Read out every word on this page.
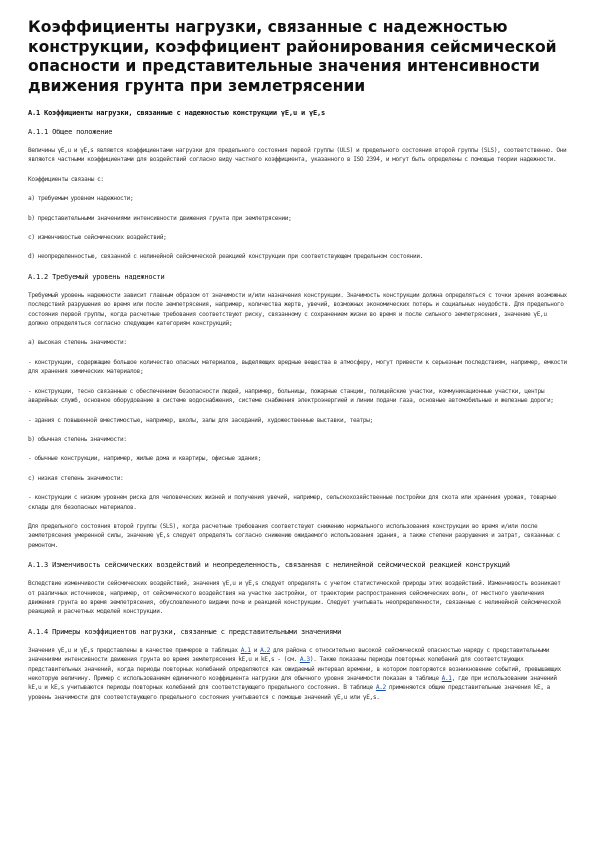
Коэффициенты нагрузки, связанные с надежностью конструкции, коэффициент районирования сейсмической опасности и представительные значения интенсивности движения грунта при землетрясении
А.1 Коэффициенты нагрузки, связанные с надежностью конструкции γE,u и γE,s
А.1.1 Общее положение

Величины γE,u и γE,s являются коэффициентами нагрузки для предельного состояния первой группы (ULS) и предельного состояния второй группы (SLS), соответственно. Они являются частными коэффициентами для воздействий согласно виду частного коэффициента, указанного в ISO 2394, и могут быть определены с помощью теории надежности.

Коэффициенты связаны с:

a) требуемым уровнем надежности;

b) представительными значениями интенсивности движения грунта при землетрясении;

c) изменчивостью сейсмических воздействий;

d) неопределенностью, связанной с нелинейной сейсмической реакцией конструкции при соответствующем предельном состоянии.

А.1.2 Требуемый уровень надежности

Требуемый уровень надежности зависит главным образом от значимости и/или назначения конструкции. Значимость конструкции должна определяться с точки зрения возможных последствий разрушения во время или после землетрясения, например, количества жертв, увечий, возможных экономических потерь и социальных неудобств. Для предельного состояния первой группы, когда расчетные требования соответствуют риску, связанному с сохранением жизни во время и после сильного землетрясения, значение γE,u должно определяться согласно следующим категориям конструкций;

a) высокая степень значимости:

- конструкции, содержащие большое количество опасных материалов, выделяющих вредные вещества в атмосферу, могут привести к серьезным последствиям, например, емкости для хранения химических материалов;

- конструкции, тесно связанные с обеспечением безопасности людей, например, больницы, пожарные станции, полицейские участки, коммуникационные участки, центры аварийных служб, основное оборудование в системе водоснабжения, системе снабжения электроэнергией и линии подачи газа, основные автомобильные и железные дороги;

- здания с повышенной вместимостью, например, школы, залы для заседаний, художественные выставки, театры;

b) обычная степень значимости:

- обычные конструкции, например, жилые дома и квартиры, офисные здания;

c) низкая степень значимости:

- конструкции с низким уровнем риска для человеческих жизней и получения увечий, например, сельскохозяйственные постройки для скота или хранения урожая, товарные склады для безопасных материалов.

Для предельного состояния второй группы (SLS), когда расчетные требования соответствуют снижению нормального использования конструкции во время и/или после землетрясения умеренной силы, значение γE,s следует определять согласно снижению ожидаемого использования здания, а также степени разрушения и затрат, связанных с ремонтом.

А.1.3 Изменчивость сейсмических воздействий и неопределенность, связанная с нелинейной сейсмической реакцией конструкций

Вследствие изменчивости сейсмических воздействий, значения γE,u и γE,s следует определять с учетом статистической природы этих воздействий. Изменчивость возникает от различных источников, например, от сейсмического воздействия на участке застройки, от траектории распространения сейсмических волн, от местного увеличения движения грунта во время землетрясения, обусловленного видами почв и реакцией конструкции. Следует учитывать неопределенности, связанные с нелинейной сейсмической реакцией и расчетных моделей конструкции.

А.1.4 Примеры коэффициентов нагрузки, связанные с представительными значениями

Значения γE,u и γE,s представлены в качестве примеров в таблицах А.1 и А.2 для района с относительно высокой сейсмической опасностью наряду с представительными значениями интенсивности движения грунта во время землетрясения kE,u и kE,s - (см. А.3). Также показаны периоды повторных колебаний для соответствующих представительных значений, когда периоды повторных колебаний определяются как ожидаемый интервал времени, в котором повторяются возникновение событий, превышающих некоторую величину. Пример с использованием единичного коэффициента нагрузки для обычного уровня значимости показан в таблице А.1, где при использовании значений kE,u и kE,s учитываются периоды повторных колебаний для соответствующего предельного состояния. В таблице А.2 применяются общие представительные значения kE, а уровень значимости для соответствующего предельного состояния учитывается с помощью значений γE,u или γE,s.
